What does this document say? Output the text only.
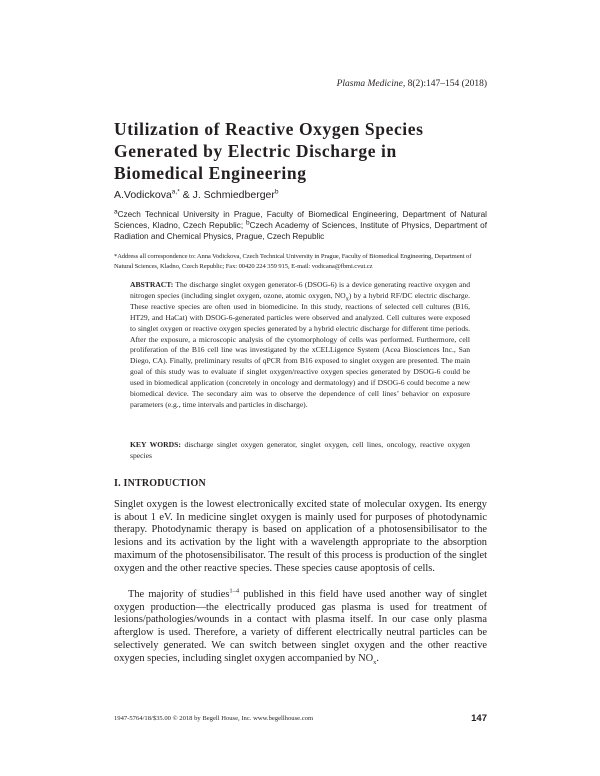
Plasma Medicine, 8(2):147–154 (2018)
Utilization of Reactive Oxygen Species Generated by Electric Discharge in Biomedical Engineering
A.Vodickova$^{a,*}$ & J. Schmiedberger$^b$
$^a$Czech Technical University in Prague, Faculty of Biomedical Engineering, Department of Natural Sciences, Kladno, Czech Republic; $^b$Czech Academy of Sciences, Institute of Physics, Department of Radiation and Chemical Physics, Prague, Czech Republic
*Address all correspondence to: Anna Vodickova, Czech Technical University in Prague, Faculty of Biomedical Engineering, Department of Natural Sciences, Kladno, Czech Republic; Fax: 00420 224 359 915, E-mail: vodicana@fbmi.cvut.cz
ABSTRACT: The discharge singlet oxygen generator-6 (DSOG-6) is a device generating reactive oxygen and nitrogen species (including singlet oxygen, ozone, atomic oxygen, $NO_x$) by a hybrid RF/DC electric discharge. These reactive species are often used in biomedicine. In this study, reactions of selected cell cultures (B16, HT29, and HaCat) with DSOG-6-generated particles were observed and analyzed. Cell cultures were exposed to singlet oxygen or reactive oxygen species generated by a hybrid electric discharge for different time periods. After the exposure, a microscopic analysis of the cytomorphology of cells was performed. Furthermore, cell proliferation of the B16 cell line was investigated by the xCELLigence System (Acea Biosciences Inc., San Diego, CA). Finally, preliminary results of qPCR from B16 exposed to singlet oxygen are presented. The main goal of this study was to evaluate if singlet oxygen/reactive oxygen species generated by DSOG-6 could be used in biomedical application (concretely in oncology and dermatology) and if DSOG-6 could become a new biomedical device. The secondary aim was to observe the dependence of cell lines’ behavior on exposure parameters (e.g., time intervals and particles in discharge).
KEY WORDS: discharge singlet oxygen generator, singlet oxygen, cell lines, oncology, reactive oxygen species
I. INTRODUCTION

Singlet oxygen is the lowest electronically excited state of molecular oxygen. Its energy is about 1 eV. In medicine singlet oxygen is mainly used for purposes of photodynamic therapy. Photodynamic therapy is based on application of a photosensibilisator to the lesions and its activation by the light with a wavelength appropriate to the absorption maximum of the photosensibilisator. The result of this process is production of the singlet oxygen and the other reactive species. These species cause apoptosis of cells.

The majority of studies$^{1-4}$ published in this field have used another way of singlet oxygen production—the electrically produced gas plasma is used for treatment of lesions/pathologies/wounds in a contact with plasma itself. In our case only plasma afterglow is used. Therefore, a variety of different electrically neutral particles can be selectively generated. We can switch between singlet oxygen and the other reactive oxygen species, including singlet oxygen accompanied by $NO_x$.

1947-5764/18/$35.00 © 2018 by Begell House, Inc. www.begellhouse.com	147
